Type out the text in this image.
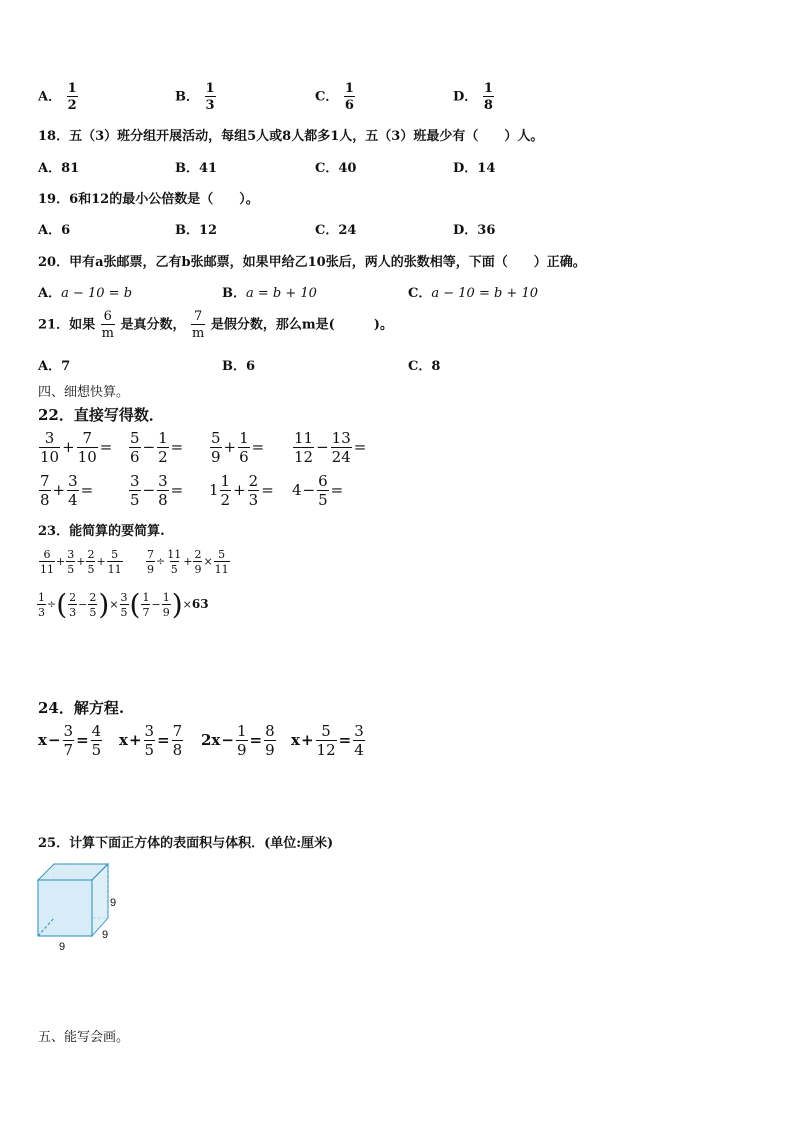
A． $\frac{1}{2}$	B． $\frac{1}{3}$	C． $\frac{1}{6}$	D． $\frac{1}{8}$
18．五（3）班分组开展活动，每组5人或8人都多1人，五（3）班最少有（　　）人。
A．81	B．41	C．40	D．14
19．6和12的最小公倍数是（　　）。
A．6	B．12	C．24	D．36
20．甲有a张邮票，乙有b张邮票，如果甲给乙10张后，两人的张数相等，下面（　　）正确。
A．a − 10 = b	B．a = b + 10	C．a − 10 = b + 10
21．如果 $\frac{6}{m}$ 是真分数， $\frac{7}{m}$ 是假分数，那么m是(　　　)。
A．7	B．6	C．8
四、细想快算。
22．直接写得数．
$\frac{3}{10} + \frac{7}{10} = \frac{5}{6} - \frac{1}{2} = \frac{5}{9} + \frac{1}{6} = \frac{11}{12} - \frac{13}{24}$ =
$\frac{7}{8} + \frac{3}{4} = \frac{3}{5} - \frac{3}{8} = 1 \frac{1}{2} + \frac{2}{3} = 4- \frac{6}{5}$ =
23．能简算的要简算.
$\frac{6}{11} + \frac{3}{5} + \frac{2}{5} + \frac{5}{11} \frac{7}{9} \div \frac{11}{5} + \frac{2}{9} \times \frac{5}{11}$
$\frac{1}{3}$ ÷( $\frac{2}{3} - \frac{2}{5}$ )× $\frac{3}{5}$ ( $\frac{1}{7} - \frac{1}{9} )\times 63$
24．解方程.
$x- \frac{3}{7} = \frac{4}{5} x+ \frac{3}{5} = \frac{7}{8} 2x- \frac{1}{9} = \frac{8}{9} x+ \frac{5}{12} = \frac{3}{4}$
25．计算下面正方体的表面积与体积．(单位:厘米)
9
9
9
五、能写会画。
